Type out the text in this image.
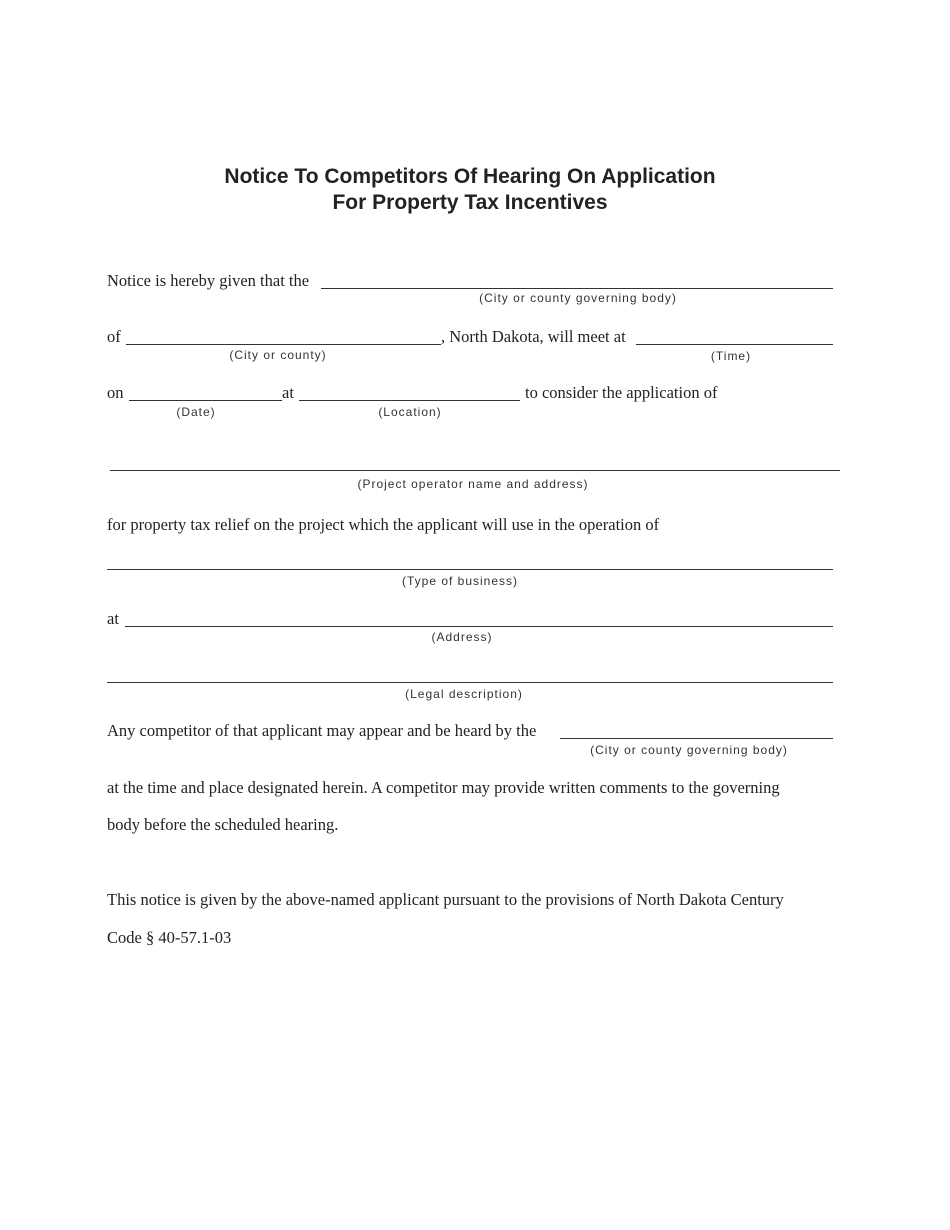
Notice To Competitors Of Hearing On Application
For Property Tax Incentives
Notice is hereby given that the
(City or county governing body)
of	, North Dakota, will meet at
(City or county)	(Time)
on	at	to consider the application of
(Date)	(Location)
(Project operator name and address)
for property tax relief on the project which the applicant will use in the operation of
(Type of business)
at
(Address)
(Legal description)
Any competitor of that applicant may appear and be heard by the
(City or county governing body)
at the time and place designated herein. A competitor may provide written comments to the governing
body before the scheduled hearing.
This notice is given by the above-named applicant pursuant to the provisions of North Dakota Century
Code § 40-57.1-03
